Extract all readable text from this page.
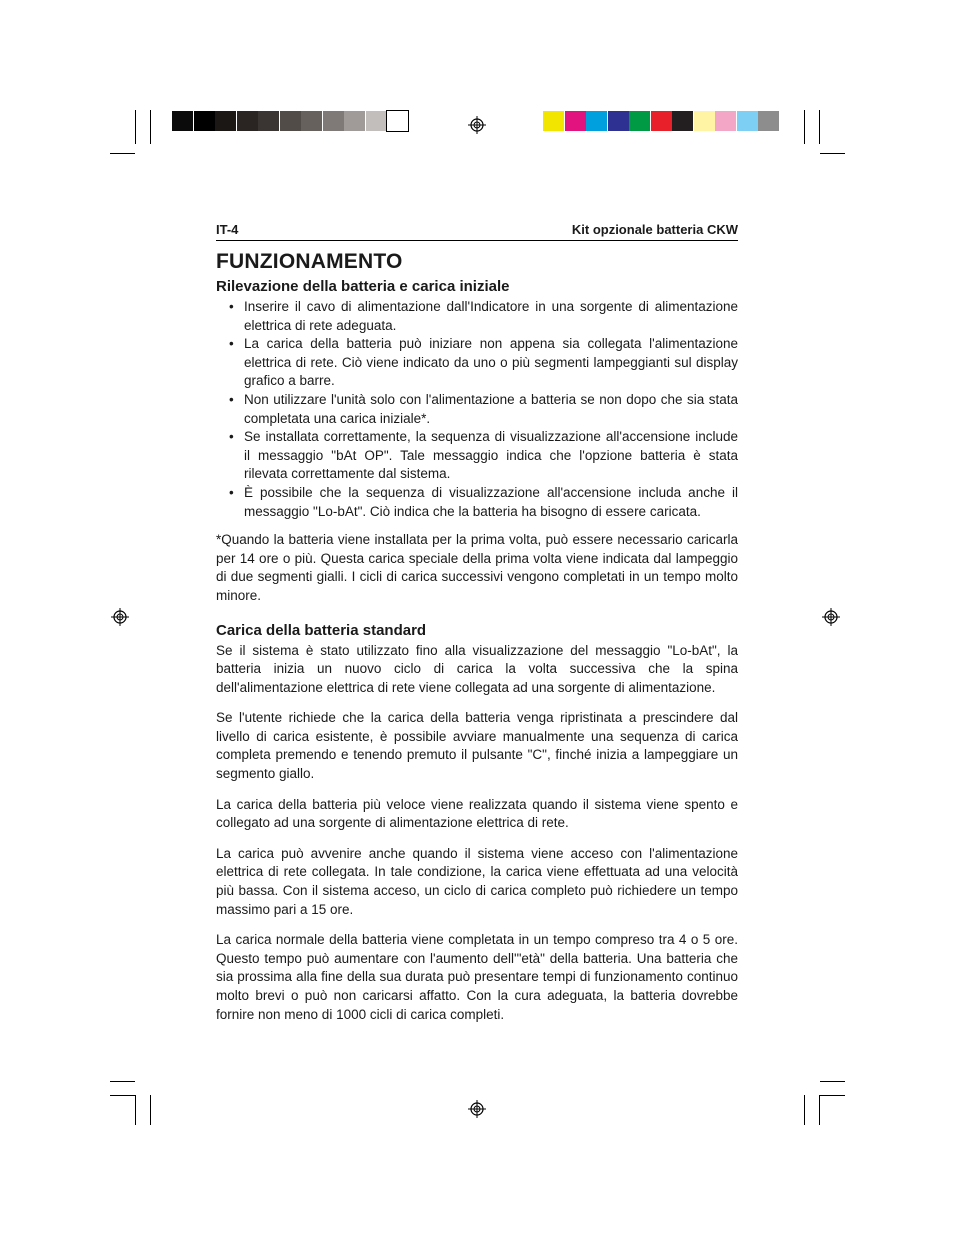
IT-4	Kit opzionale batteria CKW
FUNZIONAMENTO
Rilevazione della batteria e carica iniziale
• Inserire il cavo di alimentazione dall'Indicatore in una sorgente di alimentazione elettrica di rete adeguata.
• La carica della batteria può iniziare non appena sia collegata l'alimentazione elettrica di rete. Ciò viene indicato da uno o più segmenti lampeggianti sul display grafico a barre.
• Non utilizzare l'unità solo con l'alimentazione a batteria se non dopo che sia stata completata una carica iniziale*.
• Se installata correttamente, la sequenza di visualizzazione all'accensione include il messaggio "bAt OP". Tale messaggio indica che l'opzione batteria è stata rilevata correttamente dal sistema.
• È possibile che la sequenza di visualizzazione all'accensione includa anche il messaggio "Lo-bAt". Ciò indica che la batteria ha bisogno di essere caricata.

*Quando la batteria viene installata per la prima volta, può essere necessario caricarla per 14 ore o più. Questa carica speciale della prima volta viene indicata dal lampeggio di due segmenti gialli. I cicli di carica successivi vengono completati in un tempo molto minore.

Carica della batteria standard

Se il sistema è stato utilizzato fino alla visualizzazione del messaggio "Lo-bAt", la batteria inizia un nuovo ciclo di carica la volta successiva che la spina dell'alimentazione elettrica di rete viene collegata ad una sorgente di alimentazione.

Se l'utente richiede che la carica della batteria venga ripristinata a prescindere dal livello di carica esistente, è possibile avviare manualmente una sequenza di carica completa premendo e tenendo premuto il pulsante "C", finché inizia a lampeggiare un segmento giallo.

La carica della batteria più veloce viene realizzata quando il sistema viene spento e collegato ad una sorgente di alimentazione elettrica di rete.

La carica può avvenire anche quando il sistema viene acceso con l'alimentazione elettrica di rete collegata. In tale condizione, la carica viene effettuata ad una velocità più bassa. Con il sistema acceso, un ciclo di carica completo può richiedere un tempo massimo pari a 15 ore.

La carica normale della batteria viene completata in un tempo compreso tra 4 o 5 ore. Questo tempo può aumentare con l'aumento dell'"età" della batteria. Una batteria che sia prossima alla fine della sua durata può presentare tempi di funzionamento continuo molto brevi o può non caricarsi affatto. Con la cura adeguata, la batteria dovrebbe fornire non meno di 1000 cicli di carica completi.
